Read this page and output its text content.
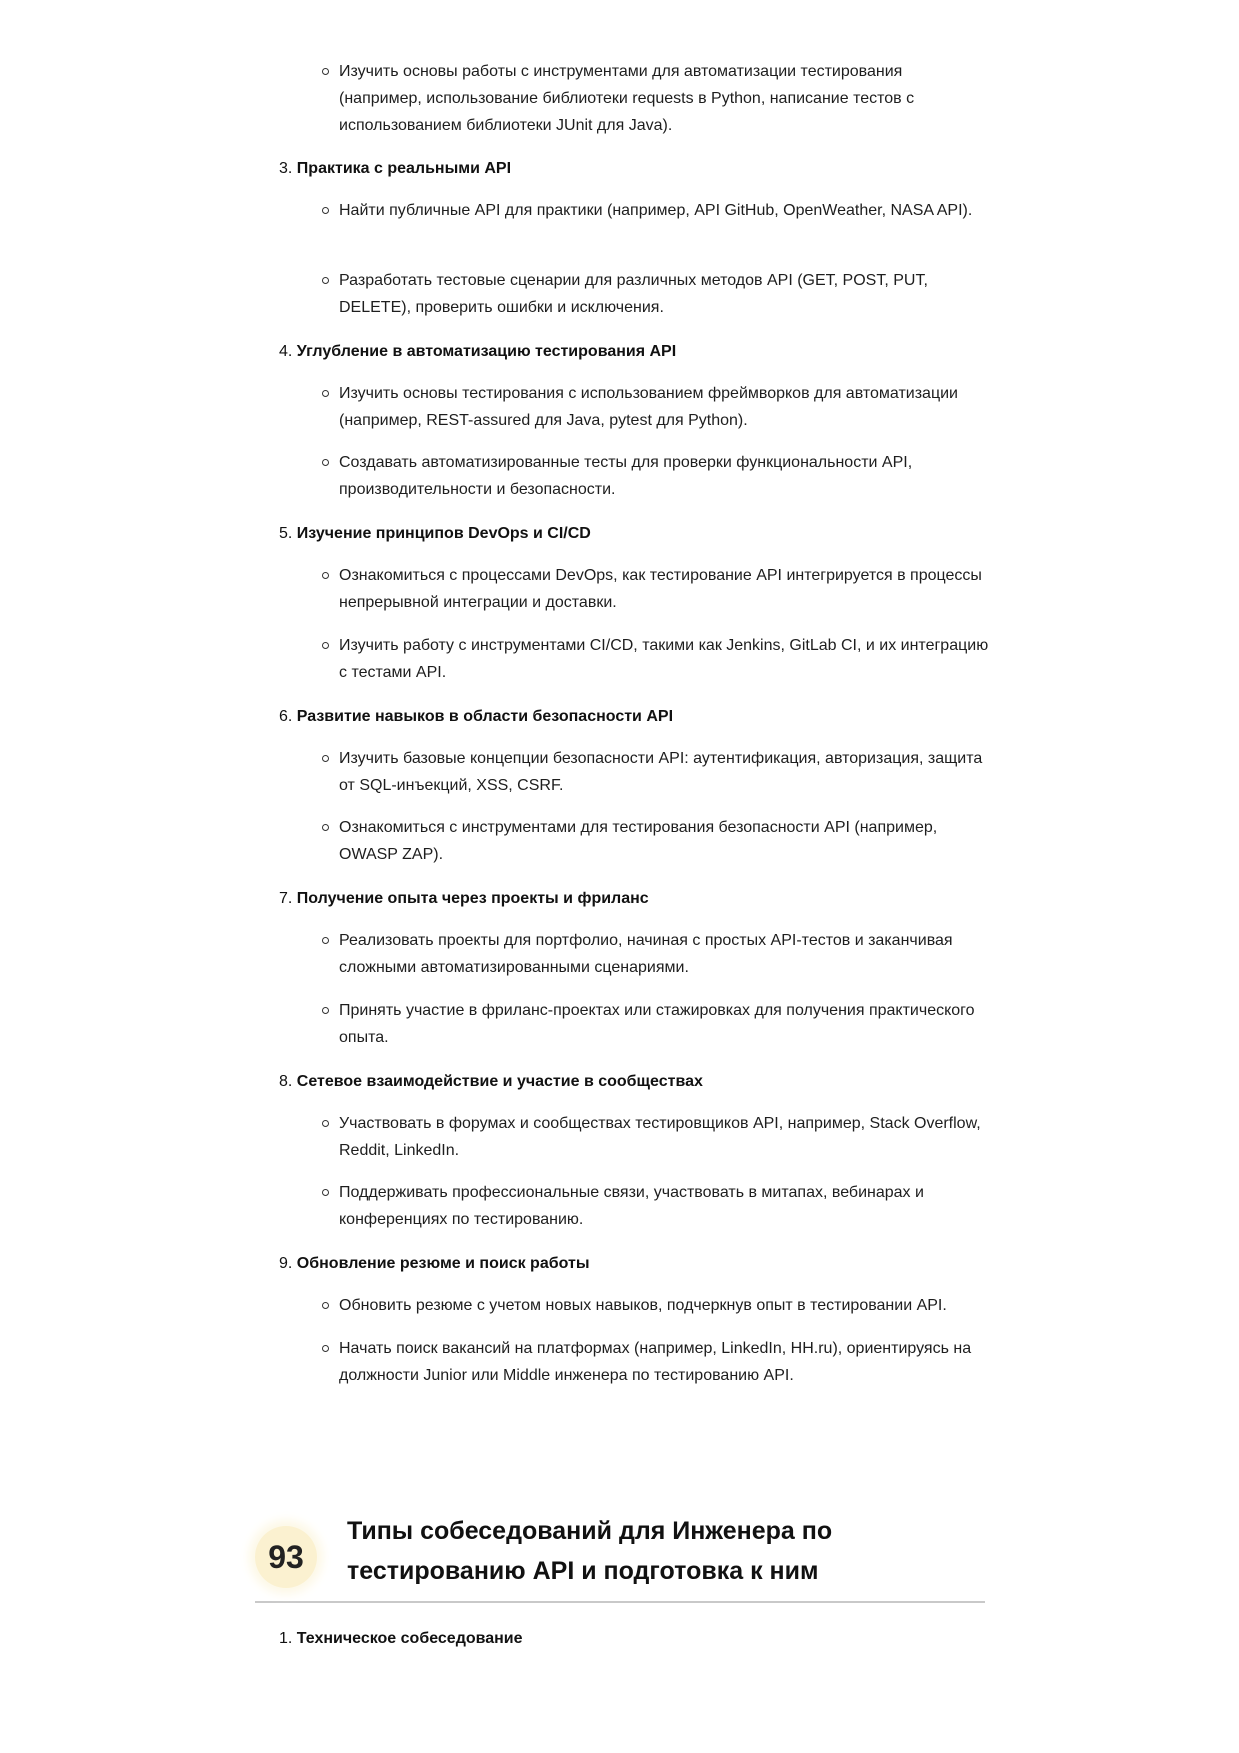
Изучить основы работы с инструментами для автоматизации тестирования (например, использование библиотеки requests в Python, написание тестов с использованием библиотеки JUnit для Java).
3. Практика с реальными API
Найти публичные API для практики (например, API GitHub, OpenWeather, NASA API).
Разработать тестовые сценарии для различных методов API (GET, POST, PUT, DELETE), проверить ошибки и исключения.
4. Углубление в автоматизацию тестирования API
Изучить основы тестирования с использованием фреймворков для автоматизации (например, REST-assured для Java, pytest для Python).
Создавать автоматизированные тесты для проверки функциональности API, производительности и безопасности.
5. Изучение принципов DevOps и CI/CD
Ознакомиться с процессами DevOps, как тестирование API интегрируется в процессы непрерывной интеграции и доставки.
Изучить работу с инструментами CI/CD, такими как Jenkins, GitLab CI, и их интеграцию с тестами API.
6. Развитие навыков в области безопасности API
Изучить базовые концепции безопасности API: аутентификация, авторизация, защита от SQL-инъекций, XSS, CSRF.
Ознакомиться с инструментами для тестирования безопасности API (например, OWASP ZAP).
7. Получение опыта через проекты и фриланс
Реализовать проекты для портфолио, начиная с простых API-тестов и заканчивая сложными автоматизированными сценариями.
Принять участие в фриланс-проектах или стажировках для получения практического опыта.
8. Сетевое взаимодействие и участие в сообществах
Участвовать в форумах и сообществах тестировщиков API, например, Stack Overflow, Reddit, LinkedIn.
Поддерживать профессиональные связи, участвовать в митапах, вебинарах и конференциях по тестированию.
9. Обновление резюме и поиск работы
Обновить резюме с учетом новых навыков, подчеркнув опыт в тестировании API.
Начать поиск вакансий на платформах (например, LinkedIn, HH.ru), ориентируясь на должности Junior или Middle инженера по тестированию API.
93
Типы собеседований для Инженера по тестированию API и подготовка к ним
1. Техническое собеседование
